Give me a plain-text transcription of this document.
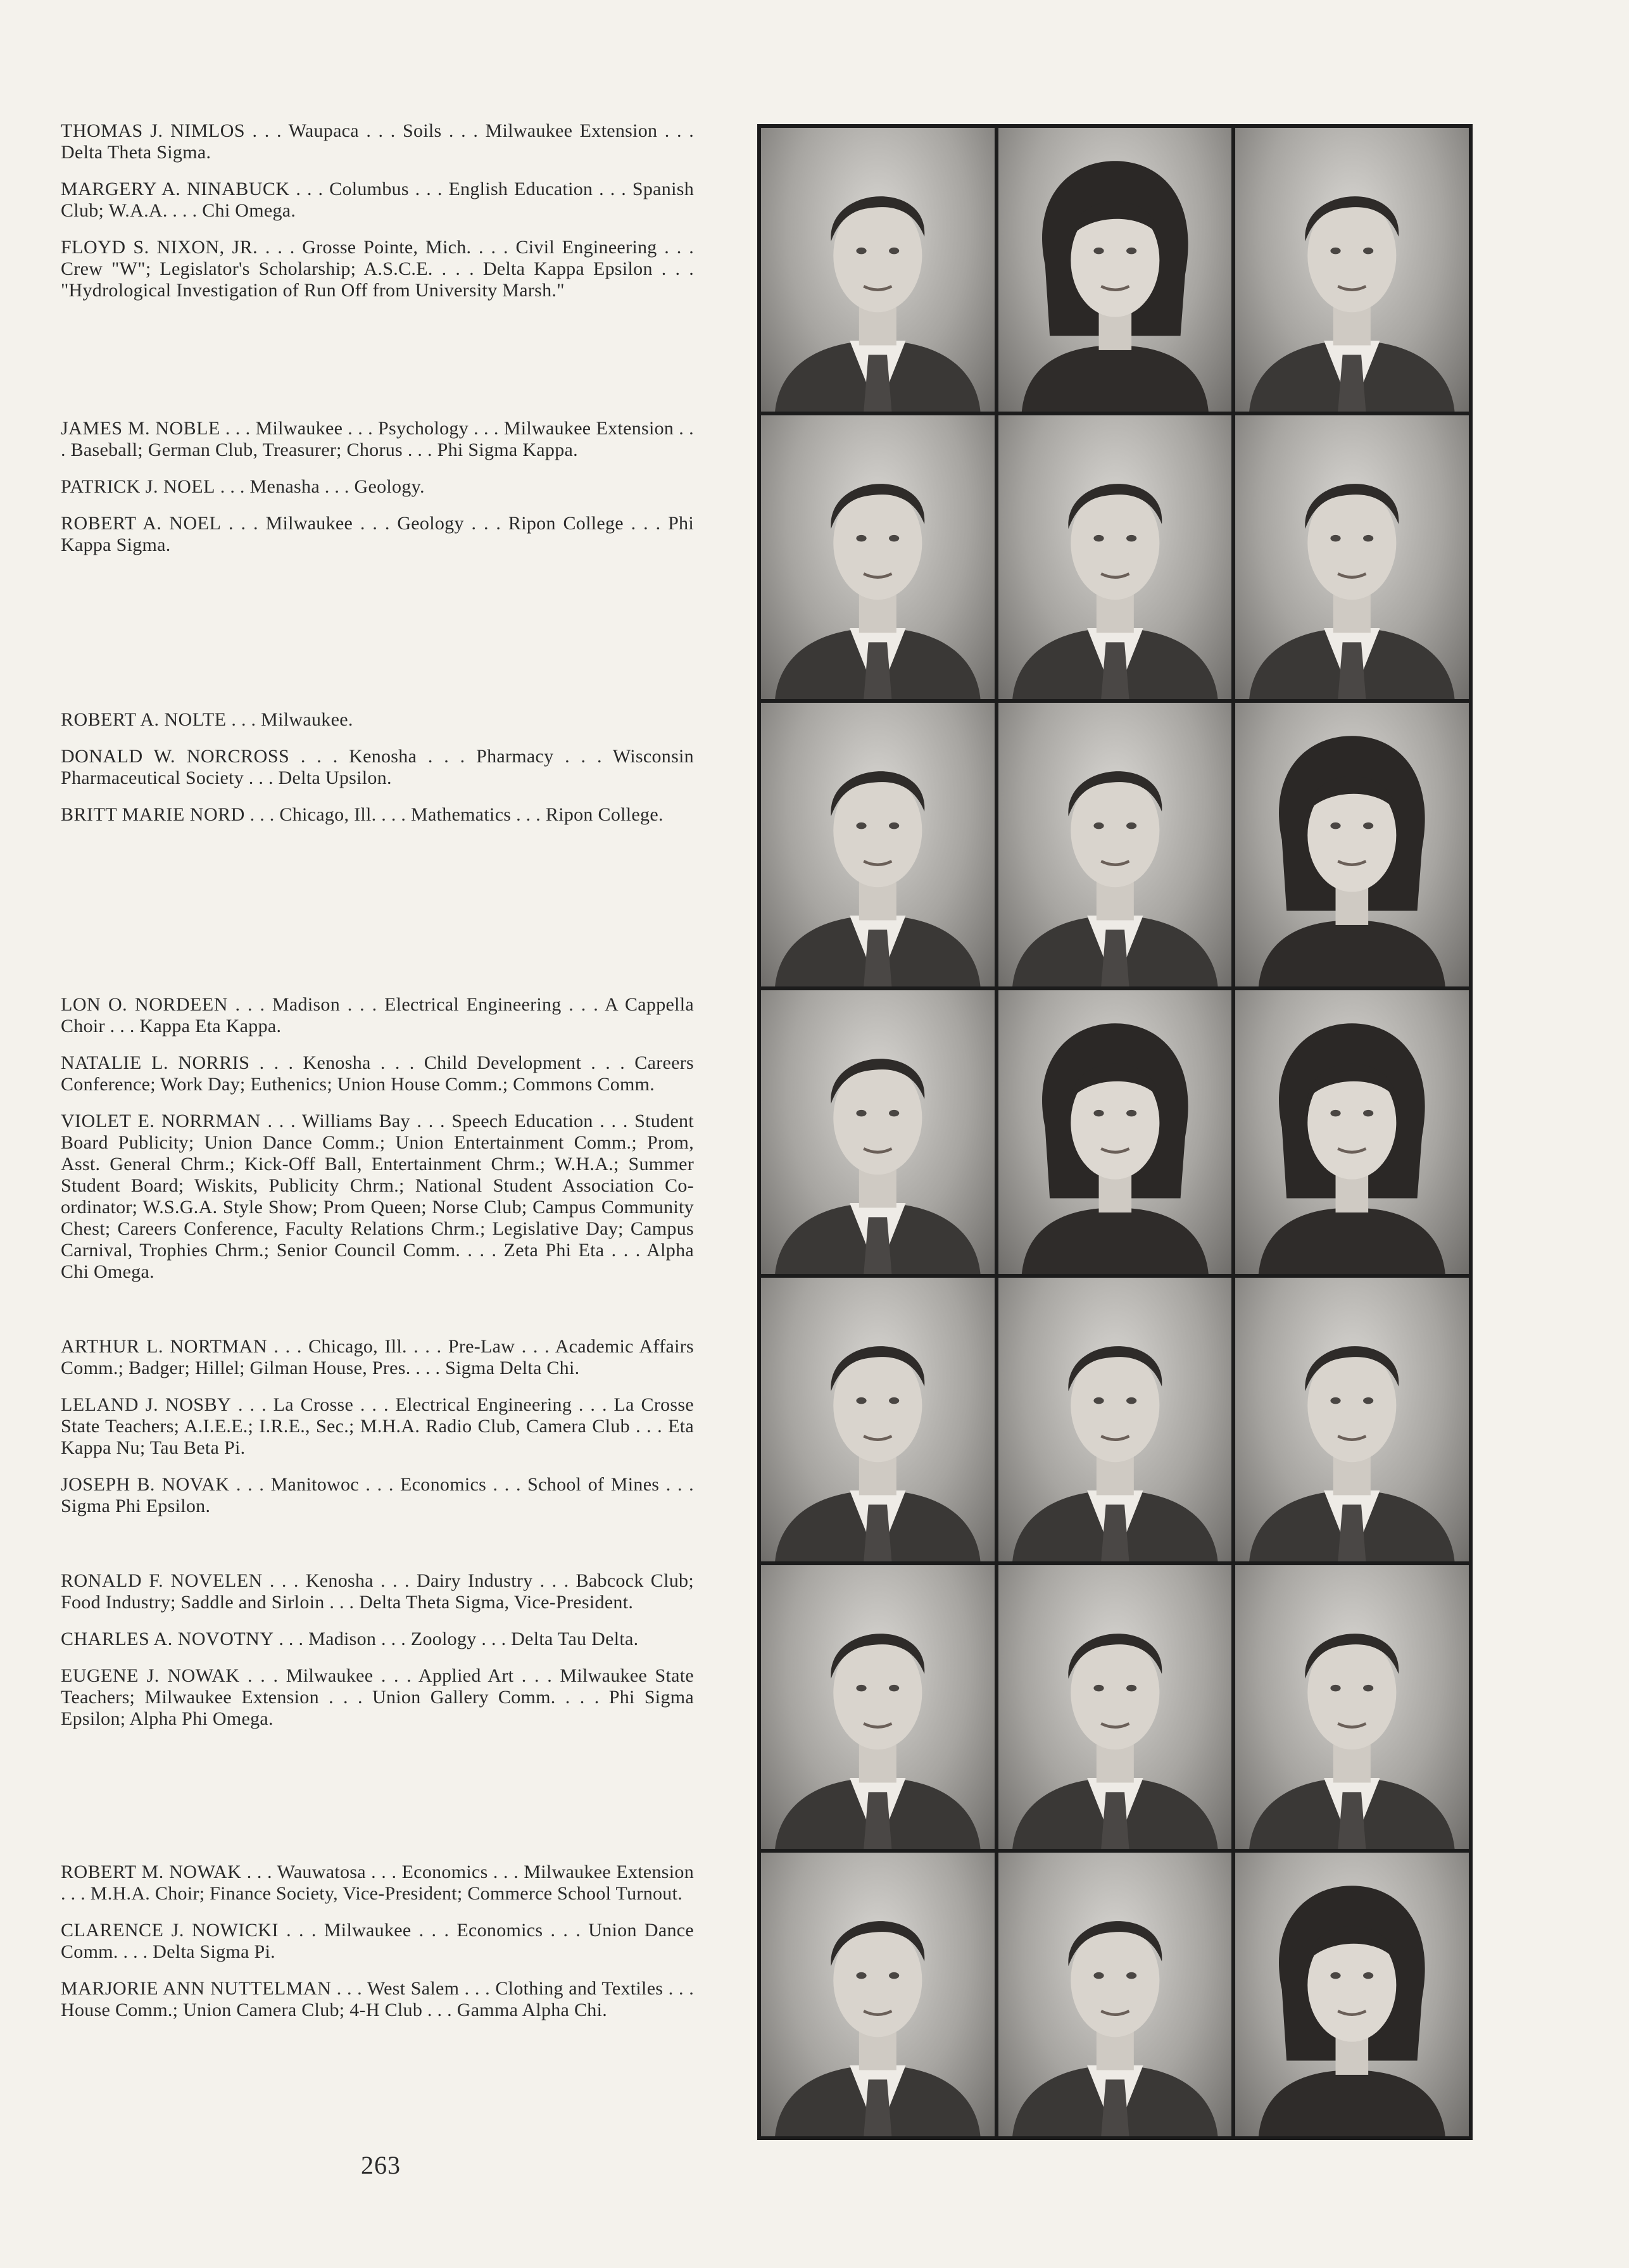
THOMAS J. NIMLOS . . . Waupaca . . . Soils . . . Milwaukee Extension . . . Delta Theta Sigma.

MARGERY A. NINABUCK . . . Columbus . . . English Education . . . Spanish Club; W.A.A. . . . Chi Omega.

FLOYD S. NIXON, JR. . . . Grosse Pointe, Mich. . . . Civil Engineering . . . Crew "W"; Legislator's Scholarship; A.S.C.E. . . . Delta Kappa Epsilon . . . "Hydrological Investigation of Run Off from University Marsh."

JAMES M. NOBLE . . . Milwaukee . . . Psychology . . . Milwaukee Extension . . . Baseball; German Club, Treasurer; Chorus . . . Phi Sigma Kappa.

PATRICK J. NOEL . . . Menasha . . . Geology.

ROBERT A. NOEL . . . Milwaukee . . . Geology . . . Ripon College . . . Phi Kappa Sigma.

ROBERT A. NOLTE . . . Milwaukee.

DONALD W. NORCROSS . . . Kenosha . . . Pharmacy . . . Wisconsin Pharmaceutical Society . . . Delta Upsilon.

BRITT MARIE NORD . . . Chicago, Ill. . . . Mathematics . . . Ripon College.

LON O. NORDEEN . . . Madison . . . Electrical Engineering . . . A Cappella Choir . . . Kappa Eta Kappa.

NATALIE L. NORRIS . . . Kenosha . . . Child Development . . . Careers Conference; Work Day; Euthenics; Union House Comm.; Commons Comm.

VIOLET E. NORRMAN . . . Williams Bay . . . Speech Education . . . Student Board Publicity; Union Dance Comm.; Union Entertainment Comm.; Prom, Asst. General Chrm.; Kick-Off Ball, Entertainment Chrm.; W.H.A.; Summer Student Board; Wiskits, Publicity Chrm.; National Student Association Co-ordinator; W.S.G.A. Style Show; Prom Queen; Norse Club; Campus Community Chest; Careers Conference, Faculty Relations Chrm.; Legislative Day; Campus Carnival, Trophies Chrm.; Senior Council Comm. . . . Zeta Phi Eta . . . Alpha Chi Omega.

ARTHUR L. NORTMAN . . . Chicago, Ill. . . . Pre-Law . . . Academic Affairs Comm.; Badger; Hillel; Gilman House, Pres. . . . Sigma Delta Chi.

LELAND J. NOSBY . . . La Crosse . . . Electrical Engineering . . . La Crosse State Teachers; A.I.E.E.; I.R.E., Sec.; M.H.A. Radio Club, Camera Club . . . Eta Kappa Nu; Tau Beta Pi.

JOSEPH B. NOVAK . . . Manitowoc . . . Economics . . . School of Mines . . . Sigma Phi Epsilon.

RONALD F. NOVELEN . . . Kenosha . . . Dairy Industry . . . Babcock Club; Food Industry; Saddle and Sirloin . . . Delta Theta Sigma, Vice-President.

CHARLES A. NOVOTNY . . . Madison . . . Zoology . . . Delta Tau Delta.

EUGENE J. NOWAK . . . Milwaukee . . . Applied Art . . . Milwaukee State Teachers; Milwaukee Extension . . . Union Gallery Comm. . . . Phi Sigma Epsilon; Alpha Phi Omega.

ROBERT M. NOWAK . . . Wauwatosa . . . Economics . . . Milwaukee Extension . . . M.H.A. Choir; Finance Society, Vice-President; Commerce School Turnout.

CLARENCE J. NOWICKI . . . Milwaukee . . . Economics . . . Union Dance Comm. . . . Delta Sigma Pi.

MARJORIE ANN NUTTELMAN . . . West Salem . . . Clothing and Textiles . . . House Comm.; Union Camera Club; 4-H Club . . . Gamma Alpha Chi.

263
